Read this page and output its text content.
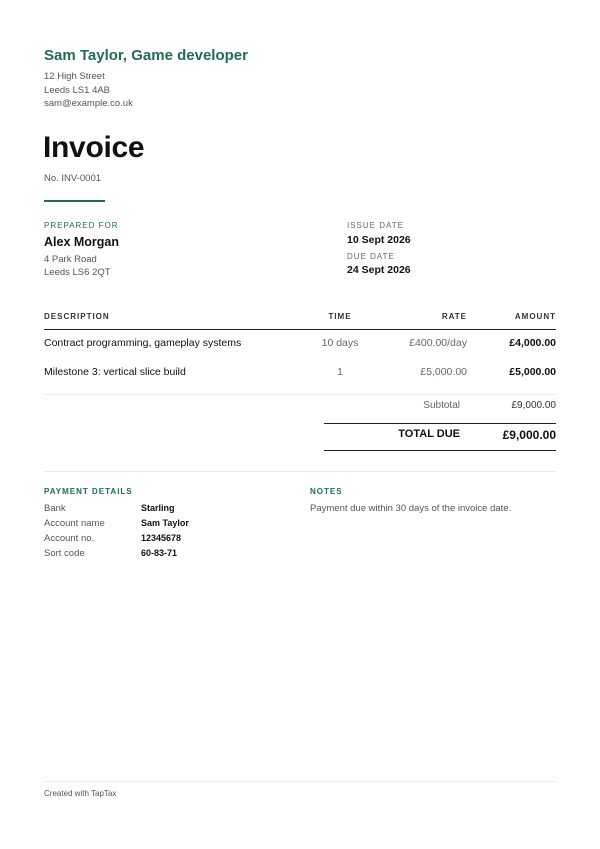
Sam Taylor, Game developer
12 High Street
Leeds LS1 4AB
sam@example.co.uk
Invoice
No. INV-0001
PREPARED FOR
Alex Morgan
4 Park Road
Leeds LS6 2QT
ISSUE DATE
10 Sept 2026
DUE DATE
24 Sept 2026
DESCRIPTION	TIME	RATE	AMOUNT
Contract programming, gameplay systems	10 days	£400.00/day	£4,000.00
Milestone 3: vertical slice build	1	£5,000.00	£5,000.00
Subtotal	£9,000.00
TOTAL DUE	£9,000.00
PAYMENT DETAILS
Bank	Starling
Account name	Sam Taylor
Account no.	12345678
Sort code	60-83-71
NOTES
Payment due within 30 days of the invoice date.
Created with TapTax
